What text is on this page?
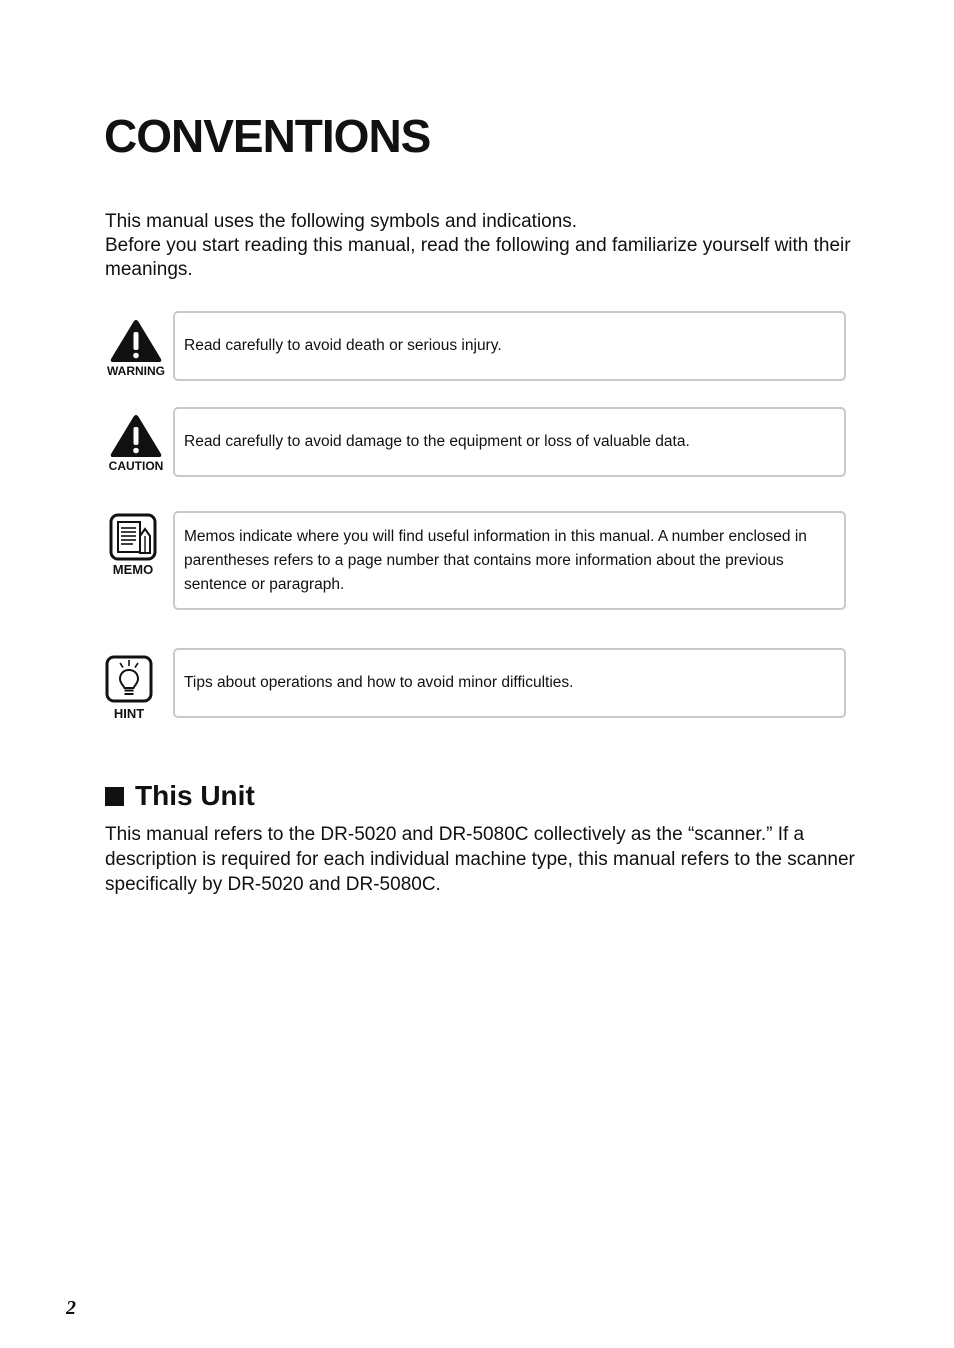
CONVENTIONS

This manual uses the following symbols and indications.

Before you start reading this manual, read the following and familiarize yourself with their meanings.

WARNING
Read carefully to avoid death or serious injury.
CAUTION
Read carefully to avoid damage to the equipment or loss of valuable data.
MEMO
Memos indicate where you will find useful information in this manual. A number enclosed in parentheses refers to a page number that contains more information about the previous sentence or paragraph.
HINT
Tips about operations and how to avoid minor difficulties.
This Unit

This manual refers to the DR-5020 and DR-5080C collectively as the “scanner.” If a description is required for each individual machine type, this manual refers to the scanner specifically by DR-5020 and DR-5080C.

2
